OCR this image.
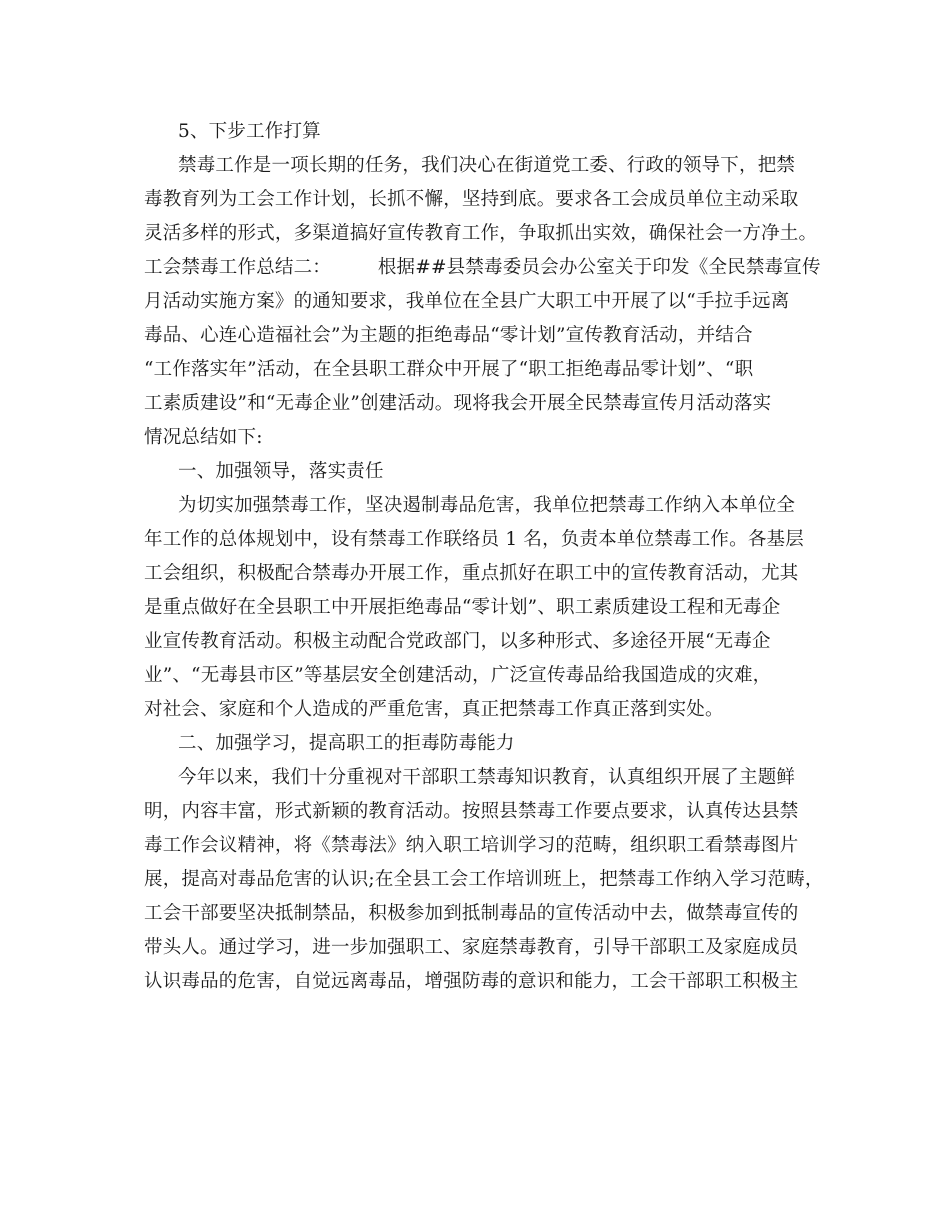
5、下步工作打算
禁毒工作是一项长期的任务，我们决心在街道党工委、行政的领导下，把禁
毒教育列为工会工作计划，长抓不懈，坚持到底。要求各工会成员单位主动采取
灵活多样的形式，多渠道搞好宣传教育工作，争取抓出实效，确保社会一方净土。
工会禁毒工作总结二：　　　根据##县禁毒委员会办公室关于印发《全民禁毒宣传
月活动实施方案》的通知要求，我单位在全县广大职工中开展了以“手拉手远离
毒品、心连心造福社会”为主题的拒绝毒品“零计划”宣传教育活动，并结合
“工作落实年”活动，在全县职工群众中开展了“职工拒绝毒品零计划”、“职
工素质建设”和“无毒企业”创建活动。现将我会开展全民禁毒宣传月活动落实
情况总结如下:
一、加强领导，落实责任
为切实加强禁毒工作，坚决遏制毒品危害，我单位把禁毒工作纳入本单位全
年工作的总体规划中，设有禁毒工作联络员 1 名，负责本单位禁毒工作。各基层
工会组织，积极配合禁毒办开展工作，重点抓好在职工中的宣传教育活动，尤其
是重点做好在全县职工中开展拒绝毒品“零计划”、职工素质建设工程和无毒企
业宣传教育活动。积极主动配合党政部门，以多种形式、多途径开展“无毒企
业”、“无毒县市区”等基层安全创建活动，广泛宣传毒品给我国造成的灾难，
对社会、家庭和个人造成的严重危害，真正把禁毒工作真正落到实处。
二、加强学习，提高职工的拒毒防毒能力
今年以来，我们十分重视对干部职工禁毒知识教育，认真组织开展了主题鲜
明，内容丰富，形式新颖的教育活动。按照县禁毒工作要点要求，认真传达县禁
毒工作会议精神，将《禁毒法》纳入职工培训学习的范畴，组织职工看禁毒图片
展，提高对毒品危害的认识;在全县工会工作培训班上，把禁毒工作纳入学习范畴，
工会干部要坚决抵制禁品，积极参加到抵制毒品的宣传活动中去，做禁毒宣传的
带头人。通过学习，进一步加强职工、家庭禁毒教育，引导干部职工及家庭成员
认识毒品的危害，自觉远离毒品，增强防毒的意识和能力，工会干部职工积极主
